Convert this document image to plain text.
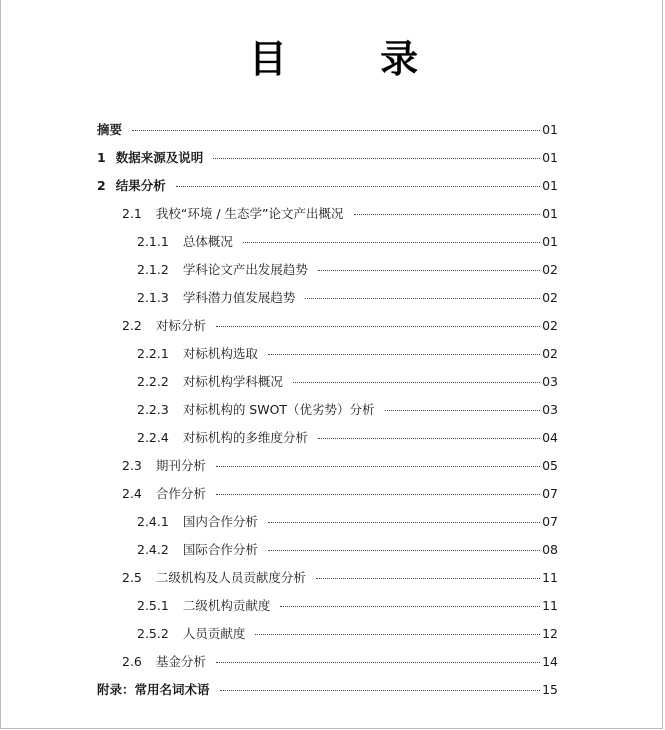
目 录
摘要	01
1 数据来源及说明	01
2 结果分析	01
2.1 我校“环境 / 生态学”论文产出概况	01
2.1.1 总体概况	01
2.1.2 学科论文产出发展趋势	02
2.1.3 学科潜力值发展趋势	02
2.2 对标分析	02
2.2.1 对标机构选取	02
2.2.2 对标机构学科概况	03
2.2.3 对标机构的 SWOT（优劣势）分析	03
2.2.4 对标机构的多维度分析	04
2.3 期刊分析	05
2.4 合作分析	07
2.4.1 国内合作分析	07
2.4.2 国际合作分析	08
2.5 二级机构及人员贡献度分析	11
2.5.1 二级机构贡献度	11
2.5.2 人员贡献度	12
2.6 基金分析	14
附录：常用名词术语	15
